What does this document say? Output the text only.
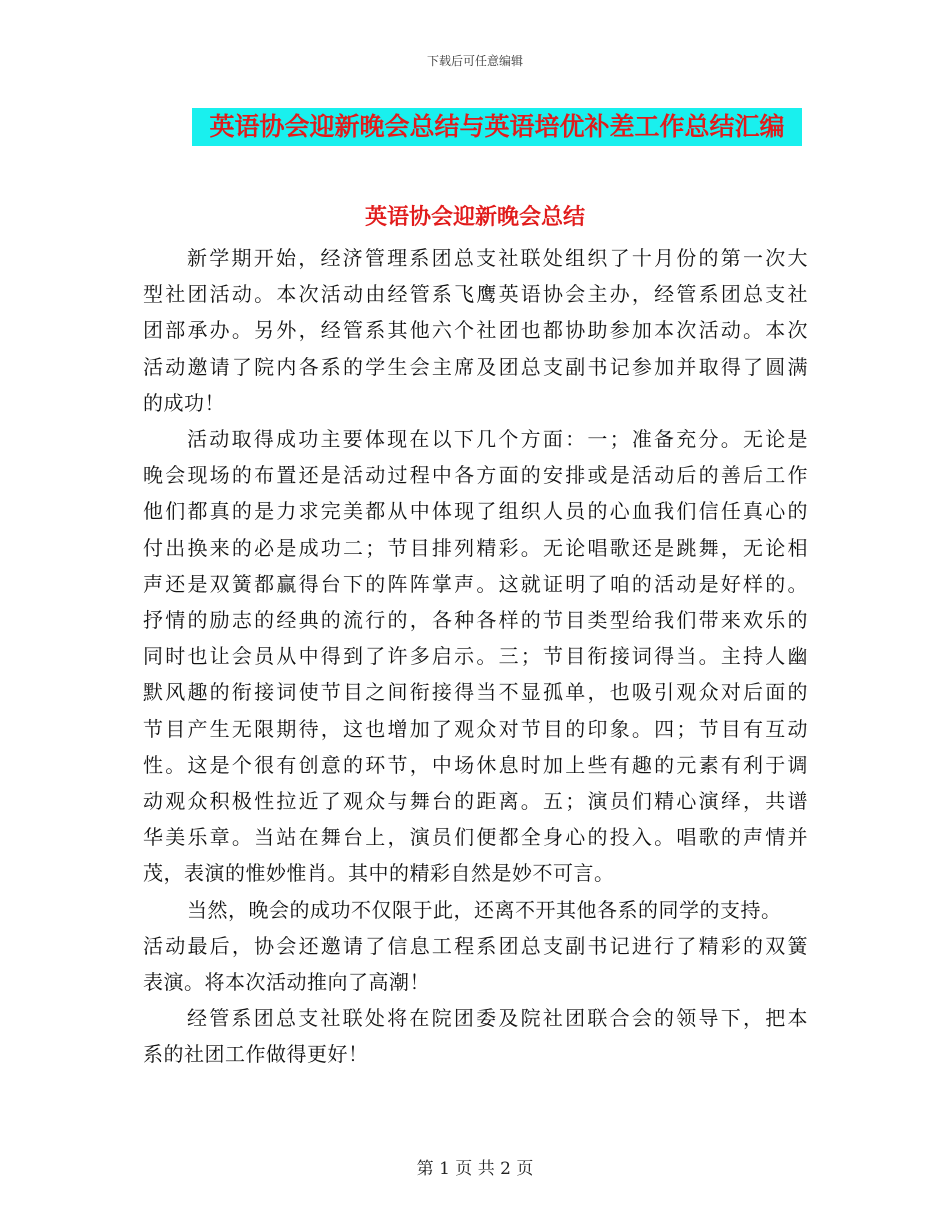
下载后可任意编辑
英语协会迎新晚会总结与英语培优补差工作总结汇编
英语协会迎新晚会总结
新学期开始，经济管理系团总支社联处组织了十月份的第一次大
型社团活动。本次活动由经管系飞鹰英语协会主办，经管系团总支社
团部承办。另外，经管系其他六个社团也都协助参加本次活动。本次
活动邀请了院内各系的学生会主席及团总支副书记参加并取得了圆满
的成功！
活动取得成功主要体现在以下几个方面：一；准备充分。无论是
晚会现场的布置还是活动过程中各方面的安排或是活动后的善后工作
他们都真的是力求完美都从中体现了组织人员的心血我们信任真心的
付出换来的必是成功二；节目排列精彩。无论唱歌还是跳舞，无论相
声还是双簧都赢得台下的阵阵掌声。这就证明了咱的活动是好样的。
抒情的励志的经典的流行的，各种各样的节目类型给我们带来欢乐的
同时也让会员从中得到了许多启示。三；节目衔接词得当。主持人幽
默风趣的衔接词使节目之间衔接得当不显孤单，也吸引观众对后面的
节目产生无限期待，这也增加了观众对节目的印象。四；节目有互动
性。这是个很有创意的环节，中场休息时加上些有趣的元素有利于调
动观众积极性拉近了观众与舞台的距离。五；演员们精心演绎，共谱
华美乐章。当站在舞台上，演员们便都全身心的投入。唱歌的声情并
茂，表演的惟妙惟肖。其中的精彩自然是妙不可言。
当然，晚会的成功不仅限于此，还离不开其他各系的同学的支持。
活动最后，协会还邀请了信息工程系团总支副书记进行了精彩的双簧
表演。将本次活动推向了高潮！
经管系团总支社联处将在院团委及院社团联合会的领导下，把本
系的社团工作做得更好！
第 1 页 共 2 页
